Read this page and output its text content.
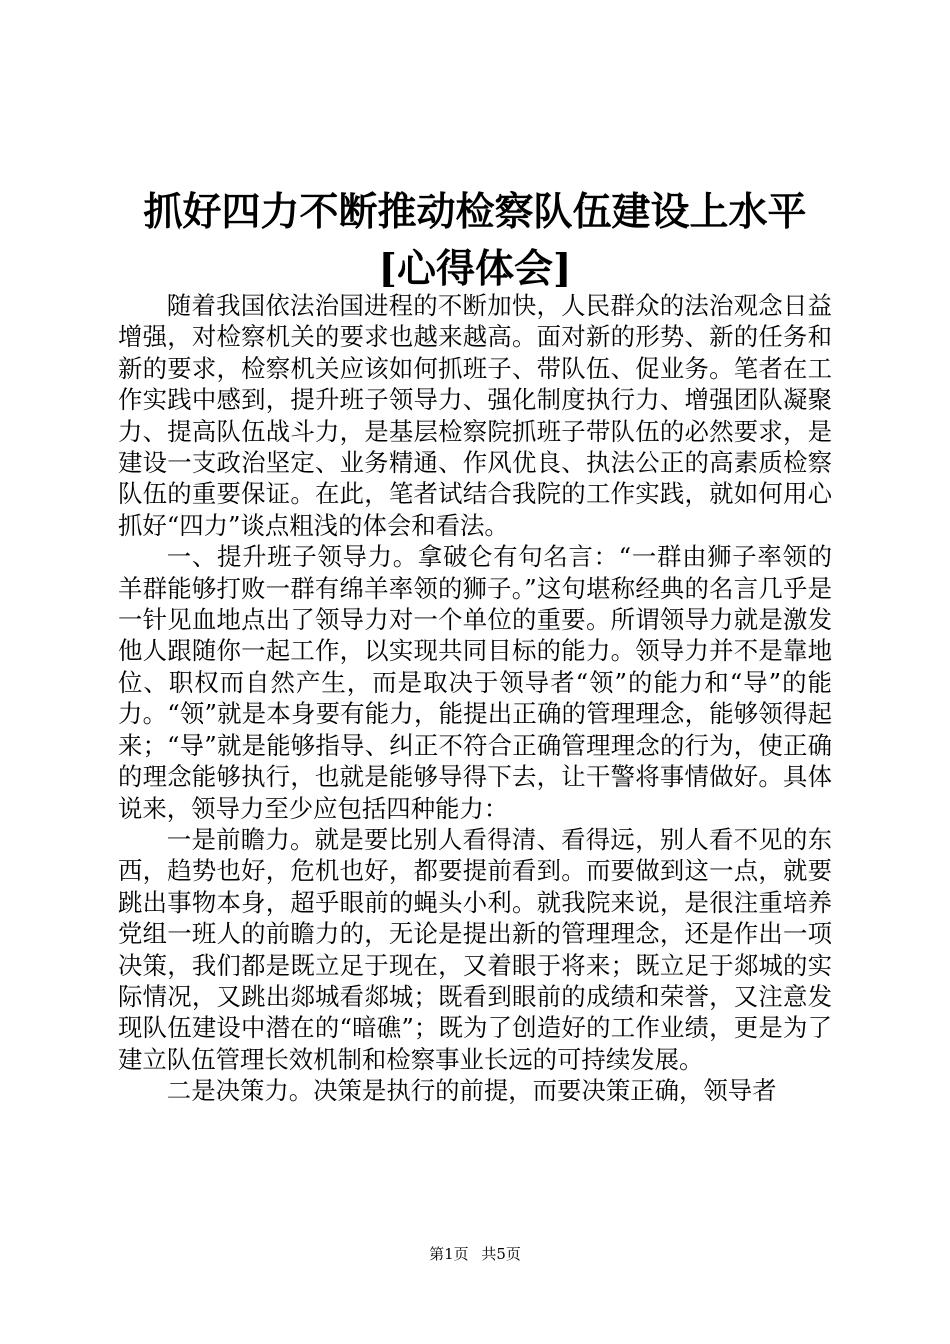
抓好四力不断推动检察队伍建设上水平[心得体会]

随着我国依法治国进程的不断加快，人民群众的法治观念日益增强，对检察机关的要求也越来越高。面对新的形势、新的任务和新的要求，检察机关应该如何抓班子、带队伍、促业务。笔者在工作实践中感到，提升班子领导力、强化制度执行力、增强团队凝聚力、提高队伍战斗力，是基层检察院抓班子带队伍的必然要求，是建设一支政治坚定、业务精通、作风优良、执法公正的高素质检察队伍的重要保证。在此，笔者试结合我院的工作实践，就如何用心抓好“四力”谈点粗浅的体会和看法。

一、提升班子领导力。拿破仑有句名言：“一群由狮子率领的羊群能够打败一群有绵羊率领的狮子。”这句堪称经典的名言几乎是一针见血地点出了领导力对一个单位的重要。所谓领导力就是激发他人跟随你一起工作，以实现共同目标的能力。领导力并不是靠地位、职权而自然产生，而是取决于领导者“领”的能力和“导”的能力。“领”就是本身要有能力，能提出正确的管理理念，能够领得起来；“导”就是能够指导、纠正不符合正确管理理念的行为，使正确的理念能够执行，也就是能够导得下去，让干警将事情做好。具体说来，领导力至少应包括四种能力：

一是前瞻力。就是要比别人看得清、看得远，别人看不见的东西，趋势也好，危机也好，都要提前看到。而要做到这一点，就要跳出事物本身，超乎眼前的蝇头小利。就我院来说，是很注重培养党组一班人的前瞻力的，无论是提出新的管理理念，还是作出一项决策，我们都是既立足于现在，又着眼于将来；既立足于郯城的实际情况，又跳出郯城看郯城；既看到眼前的成绩和荣誉，又注意发现队伍建设中潜在的“暗礁”；既为了创造好的工作业绩，更是为了建立队伍管理长效机制和检察事业长远的可持续发展。

二是决策力。决策是执行的前提，而要决策正确，领导者

第1页 共5页
